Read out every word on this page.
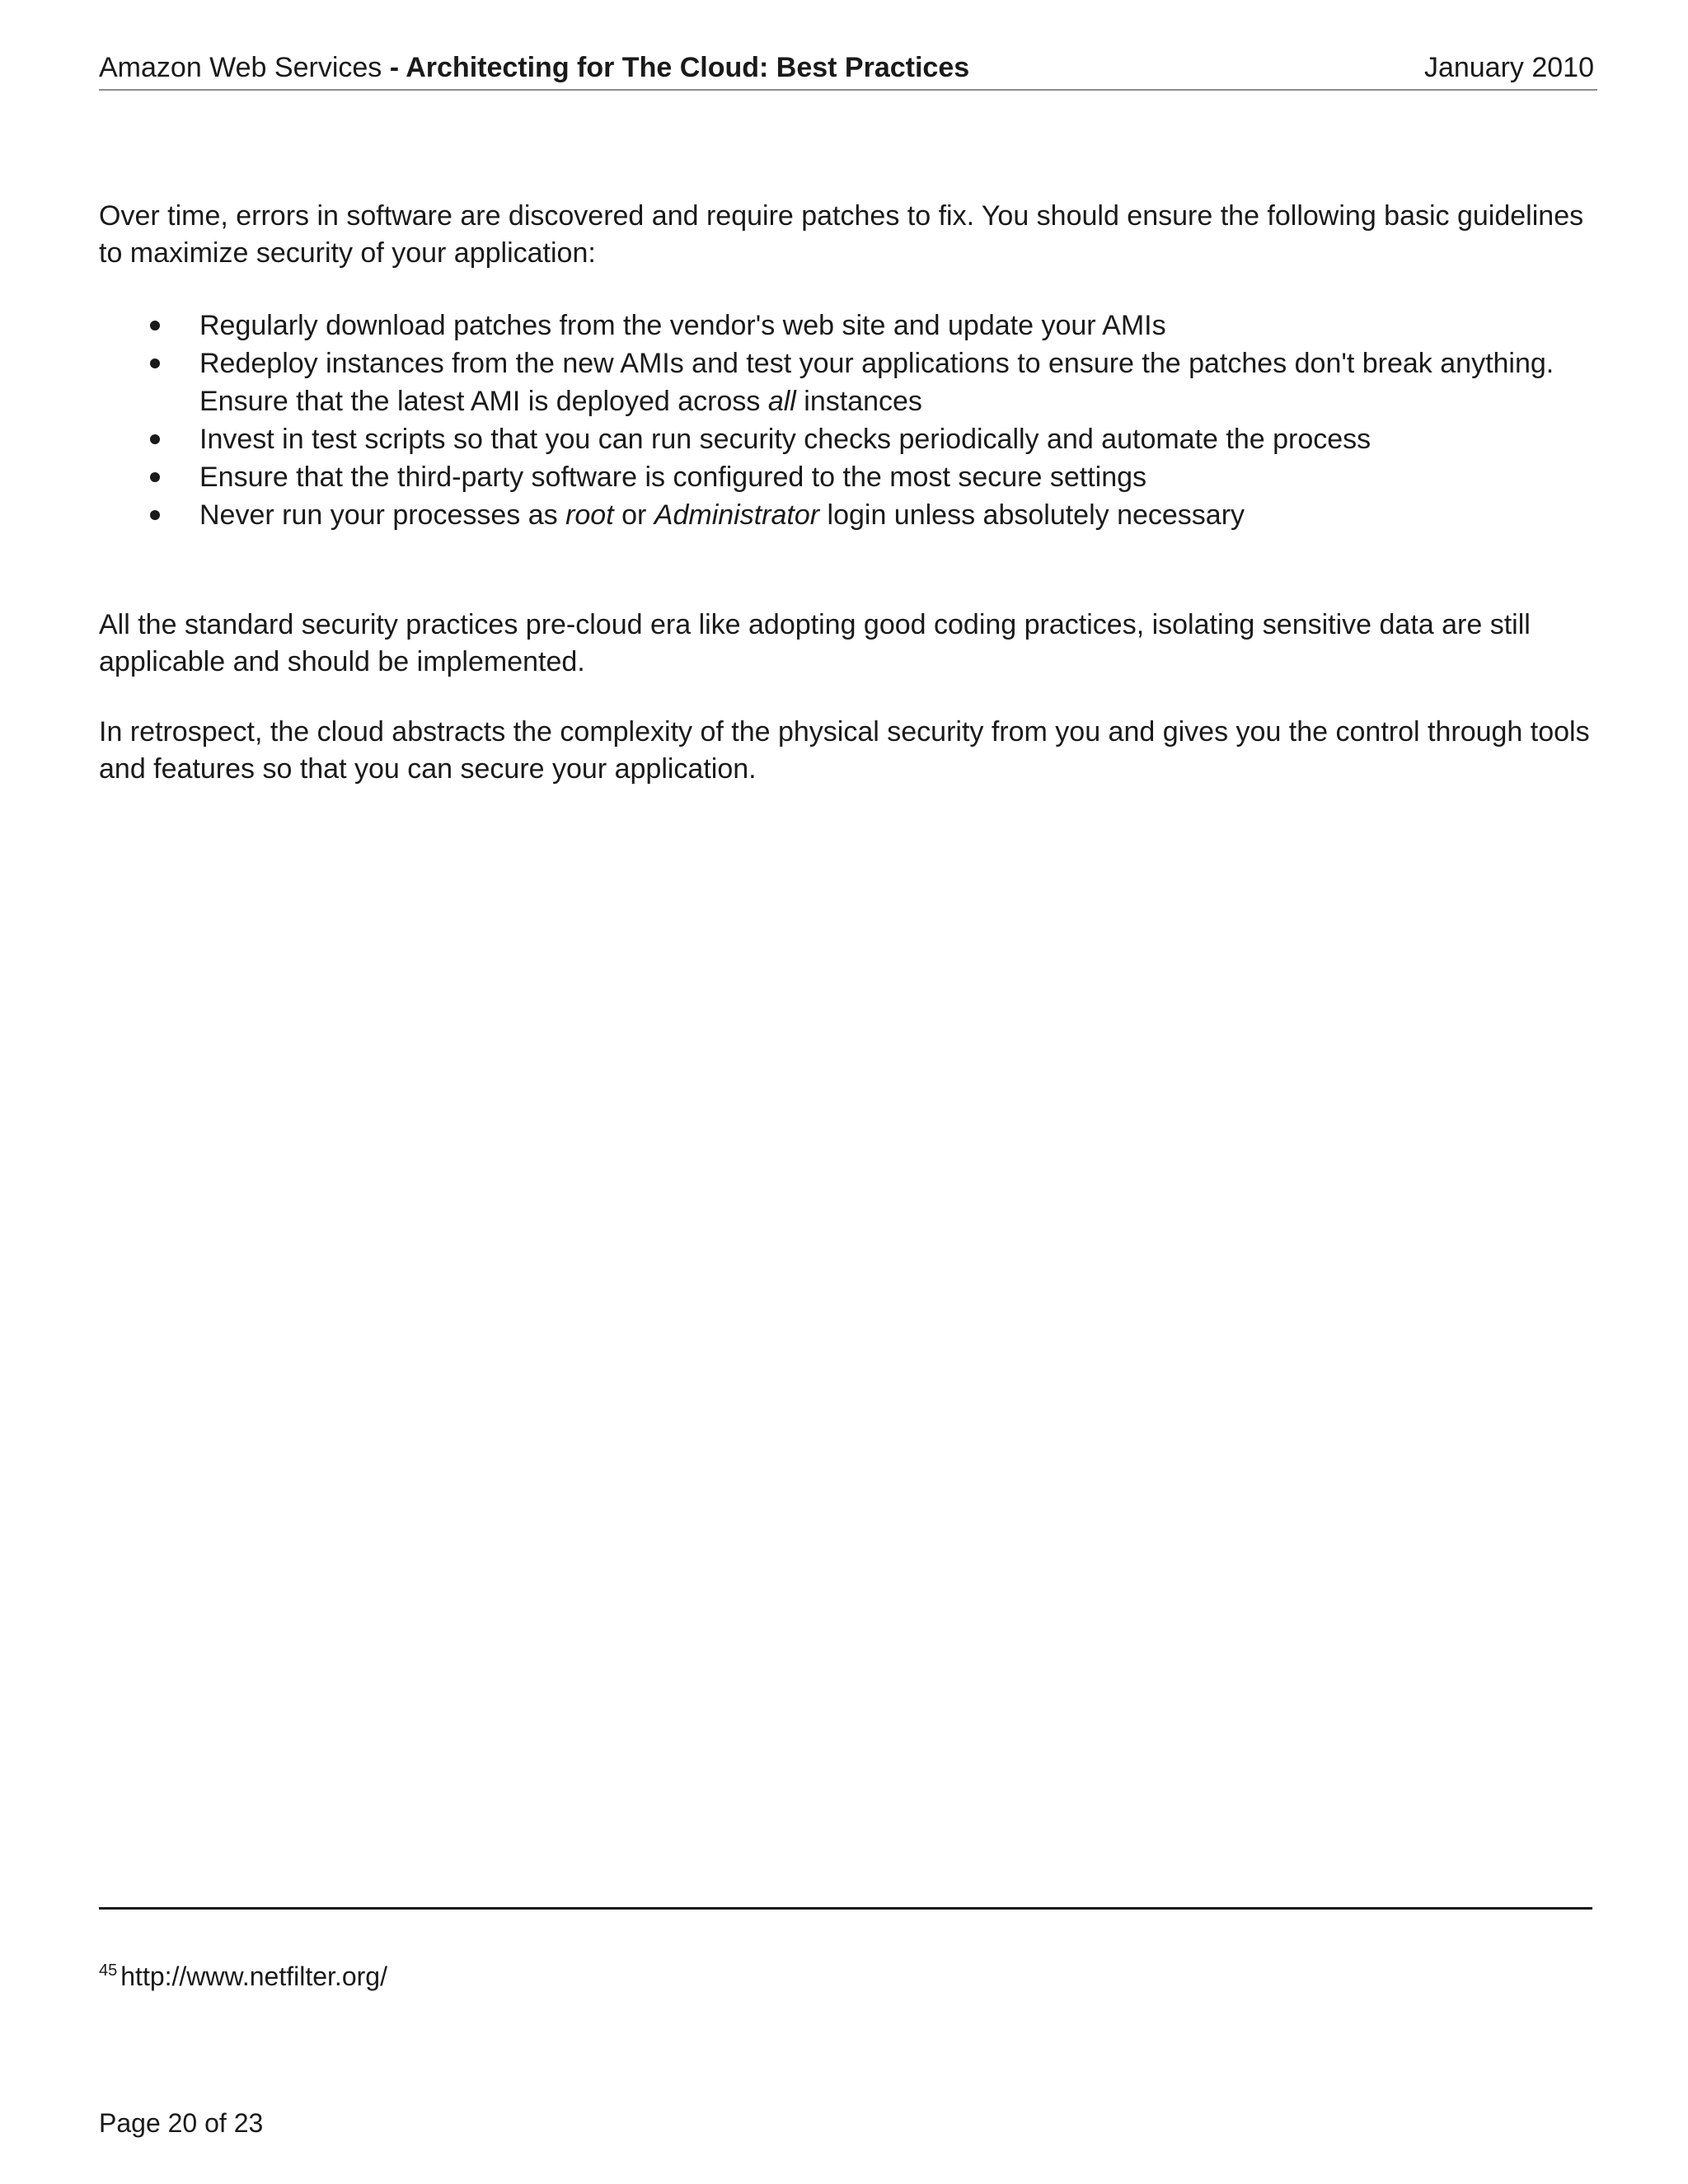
Amazon Web Services - Architecting for The Cloud: Best Practices	January 2010
Over time, errors in software are discovered and require patches to fix. You should ensure the following basic guidelines to maximize security of your application:
Regularly download patches from the vendor's web site and update your AMIs
Redeploy instances from the new AMIs and test your applications to ensure the patches don't break anything. Ensure that the latest AMI is deployed across all instances
Invest in test scripts so that you can run security checks periodically and automate the process
Ensure that the third-party software is configured to the most secure settings
Never run your processes as root or Administrator login unless absolutely necessary
All the standard security practices pre-cloud era like adopting good coding practices, isolating sensitive data are still applicable and should be implemented.
In retrospect, the cloud abstracts the complexity of the physical security from you and gives you the control through tools and features so that you can secure your application.
$^{45}$ http://www.netfilter.org/
Page 20 of 23
